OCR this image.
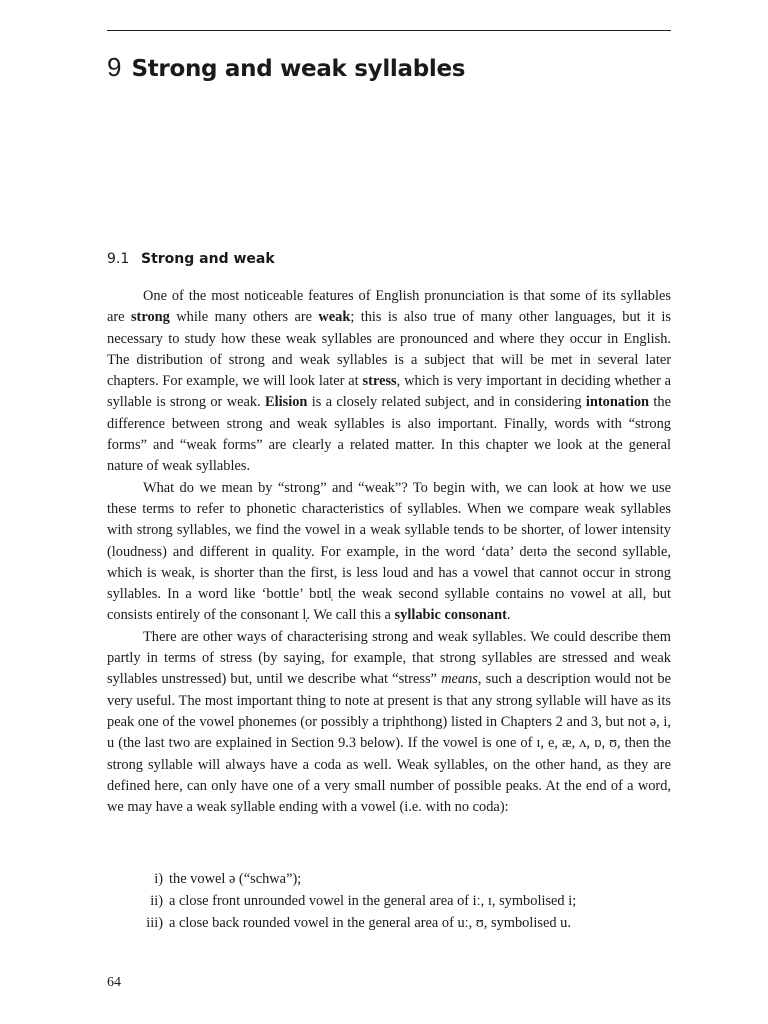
9 Strong and weak syllables
9.1 Strong and weak

One of the most noticeable features of English pronunciation is that some of its syllables are strong while many others are weak; this is also true of many other languages, but it is necessary to study how these weak syllables are pronounced and where they occur in English. The distribution of strong and weak syllables is a subject that will be met in several later chapters. For example, we will look later at stress, which is very important in deciding whether a syllable is strong or weak. Elision is a closely related subject, and in considering intonation the difference between strong and weak syllables is also important. Finally, words with “strong forms” and “weak forms” are clearly a related matter. In this chapter we look at the general nature of weak syllables.

What do we mean by “strong” and “weak”? To begin with, we can look at how we use these terms to refer to phonetic characteristics of syllables. When we compare weak syllables with strong syllables, we find the vowel in a weak syllable tends to be shorter, of lower intensity (loudness) and different in quality. For example, in the word ‘data’ deɪtə the second syllable, which is weak, is shorter than the first, is less loud and has a vowel that cannot occur in strong syllables. In a word like ‘bottle’ bɒtl̩ the weak second syllable contains no vowel at all, but consists entirely of the consonant l̩. We call this a syllabic consonant.

There are other ways of characterising strong and weak syllables. We could describe them partly in terms of stress (by saying, for example, that strong syllables are stressed and weak syllables unstressed) but, until we describe what “stress” means, such a description would not be very useful. The most important thing to note at present is that any strong syllable will have as its peak one of the vowel phonemes (or possibly a triphthong) listed in Chapters 2 and 3, but not ə, i, u (the last two are explained in Section 9.3 below). If the vowel is one of ɪ, e, æ, ʌ, ɒ, ʊ, then the strong syllable will always have a coda as well. Weak syllables, on the other hand, as they are defined here, can only have one of a very small number of possible peaks. At the end of a word, we may have a weak syllable ending with a vowel (i.e. with no coda):

i) the vowel ə (“schwa”);
ii) a close front unrounded vowel in the general area of iː, ɪ, symbolised i;
iii) a close back rounded vowel in the general area of uː, ʊ, symbolised u.
64
